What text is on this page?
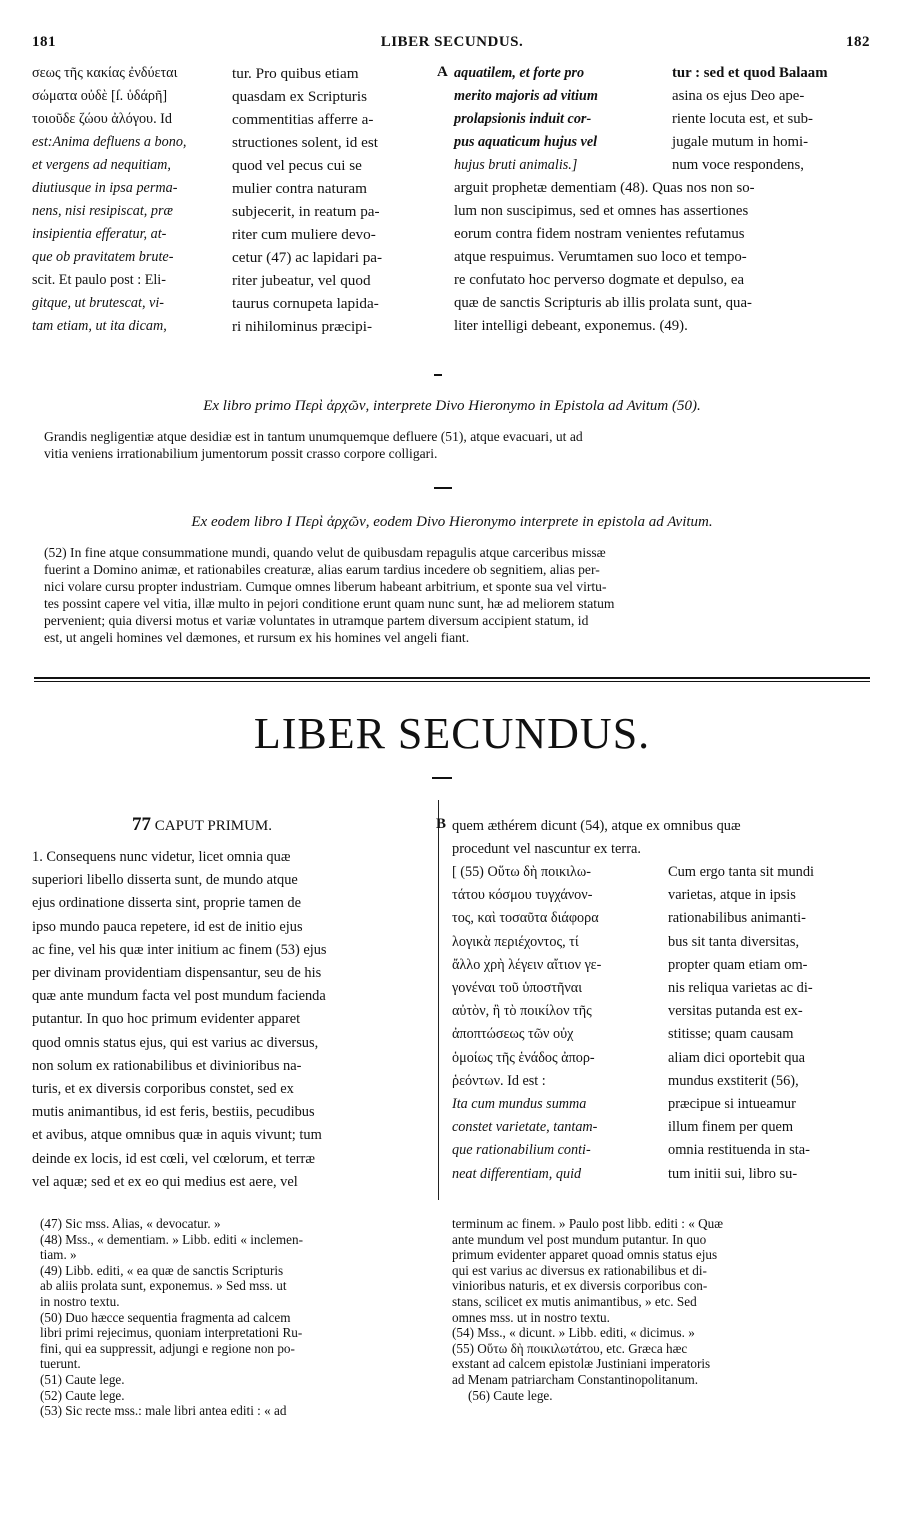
181	LIBER SECUNDUS.	182
σεως τῆς κακίας ἐνδύεται
σώματα οὐδὲ [ſ. ὑδάρῆ]
τοιοῦδε ζώου ἀλόγου. Id
est:Anima defluens a bono,
et vergens ad nequitiam,
diutiusque in ipsa perma-
nens, nisi resipiscat, præ
insipientia efferatur, at-
que ob pravitatem brute-
scit. Et paulo post : Eli-
gitque, ut brutescat, vi-
tam etiam, ut ita dicam,
tur. Pro quibus etiam
quasdam ex Scripturis
commentitias afferre a-
structiones solent, id est
quod vel pecus cui se
mulier contra naturam
subjecerit, in reatum pa-
riter cum muliere devo-
cetur (47) ac lapidari pa-
riter jubeatur, vel quod
taurus cornupeta lapida-
ri nihilominus præcipi-
A aquatilem, et forte pro
merito majoris ad vitium
prolapsionis induit cor-
pus aquaticum hujus vel
hujus bruti animalis.]
tur : sed et quod Balaam
asina os ejus Deo ape-
riente locuta est, et sub-
jugale mutum in homi-
num voce respondens,
arguit prophetæ dementiam (48). Quas nos non so-
lum non suscipimus, sed et omnes has assertiones
eorum contra fidem nostram venientes refutamus
atque respuimus. Verumtamen suo loco et tempo-
re confutato hoc perverso dogmate et depulso, ea
quæ de sanctis Scripturis ab illis prolata sunt, qua-
liter intelligi debeant, exponemus. (49).
Ex libro primo Περὶ ἀρχῶν, interprete Divo Hieronymo in Epistola ad Avitum (50).
Grandis negligentiæ atque desidiæ est in tantum unumquemque defluere (51), atque evacuari, ut ad
vitia veniens irrationabilium jumentorum possit crasso corpore colligari.
Ex eodem libro I Περὶ ἀρχῶν, eodem Divo Hieronymo interprete in epistola ad Avitum.
(52) In fine atque consummatione mundi, quando velut de quibusdam repagulis atque carceribus missæ
fuerint a Domino animæ, et rationabiles creaturæ, alias earum tardius incedere ob segnitiem, alias per-
nici volare cursu propter industriam. Cumque omnes liberum habeant arbitrium, et sponte sua vel virtu-
tes possint capere vel vitia, illæ multo in pejori conditione erunt quam nunc sunt, hæ ad meliorem statum
pervenient; quia diversi motus et variæ voluntates in utramque partem diversum accipient statum, id
est, ut angeli homines vel dæmones, et rursum ex his homines vel angeli fiant.
LIBER SECUNDUS.
77 CAPUT PRIMUM.
1. Consequens nunc videtur, licet omnia quæ
superiori libello disserta sunt, de mundo atque
ejus ordinatione disserta sint, proprie tamen de
ipso mundo pauca repetere, id est de initio ejus
ac fine, vel his quæ inter initium ac finem (53) ejus
per divinam providentiam dispensantur, seu de his
quæ ante mundum facta vel post mundum facienda
putantur. In quo hoc primum evidenter apparet
quod omnis status ejus, qui est varius ac diversus,
non solum ex rationabilibus et divinioribus na-
turis, et ex diversis corporibus constet, sed ex
mutis animantibus, id est feris, bestiis, pecudibus
et avibus, atque omnibus quæ in aquis vivunt; tum
deinde ex locis, id est cœli, vel cœlorum, et terræ
vel aquæ; sed et ex eo qui medius est aere, vel
B quem æthérem dicunt (54), atque ex omnibus quæ
procedunt vel nascuntur ex terra.
[ (55) Οὕτω δὴ ποικιλω-
τάτου κόσμου τυγχάνον-
τος, καὶ τοσαῦτα διάφορα
λογικὰ περιέχοντος, τί
ἄλλο χρὴ λέγειν αἴτιον γε-
γονέναι τοῦ ὑποστῆναι
αὐτὸν, ἢ τὸ ποικίλον τῆς
ἀποπτώσεως τῶν οὐχ
ὁμοίως τῆς ἑνάδος ἀπορ-
ῥεόντων. Id est :
Ita cum mundus summa
constet varietate, tantam-
que rationabilium conti-
neat differentiam, quid
Cum ergo tanta sit mundi
varietas, atque in ipsis
rationabilibus animanti-
bus sit tanta diversitas,
propter quam etiam om-
nis reliqua varietas ac di-
versitas putanda est ex-
stitisse; quam causam
aliam dici oportebit qua
mundus exstiterit (56),
præcipue si intueamur
illum finem per quem
omnia restituenda in sta-
tum initii sui, libro su-
(47) Sic mss. Alias, « devocatur. »
(48) Mss., « dementiam. » Libb. editi « inclemen-
tiam. »
(49) Libb. editi, « ea quæ de sanctis Scripturis
ab aliis prolata sunt, exponemus. » Sed mss. ut
in nostro textu.
(50) Duo hæcce sequentia fragmenta ad calcem
libri primi rejecimus, quoniam interpretationi Ru-
fini, qui ea suppressit, adjungi e regione non po-
tuerunt.
(51) Caute lege.
(52) Caute lege.
(53) Sic recte mss.: male libri antea editi : « ad
terminum ac finem. » Paulo post libb. editi : « Quæ
ante mundum vel post mundum putantur. In quo
primum evidenter apparet quoad omnis status ejus
qui est varius ac diversus ex rationabilibus et di-
vinioribus naturis, et ex diversis corporibus con-
stans, scilicet ex mutis animantibus, » etc. Sed
omnes mss. ut in nostro textu.
(54) Mss., « dicunt. » Libb. editi, « dicimus. »
(55) Οὕτω δὴ ποικιλωτάτου, etc. Græca hæc
exstant ad calcem epistolæ Justiniani imperatoris
ad Menam patriarcham Constantinopolitanum.
(56) Caute lege.
